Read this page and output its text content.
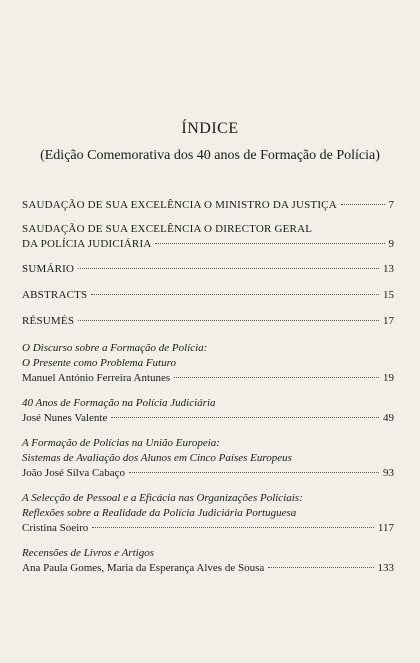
ÍNDICE
(Edição Comemorativa dos 40 anos de Formação de Polícia)
SAUDAÇÃO DE SUA EXCELÊNCIA O MINISTRO DA JUSTIÇA	7
SAUDAÇÃO DE SUA EXCELÊNCIA O DIRECTOR GERAL
DA POLÍCIA JUDICIÁRIA	9
SUMÁRIO	13
ABSTRACTS	15
RÉSUMÉS	17
O Discurso sobre a Formação de Polícia:
O Presente como Problema Futuro
Manuel António Ferreira Antunes	19
40 Anos de Formação na Polícia Judiciária
José Nunes Valente	49
A Formação de Polícias na União Europeia:
Sistemas de Avaliação dos Alunos em Cinco Países Europeus
João José Silva Cabaço	93
A Selecção de Pessoal e a Eficácia nas Organizações Policiais:
Reflexões sobre a Realidade da Polícia Judiciária Portuguesa
Cristina Soeiro	117
Recensões de Livros e Artigos
Ana Paula Gomes, Maria da Esperança Alves de Sousa	133
